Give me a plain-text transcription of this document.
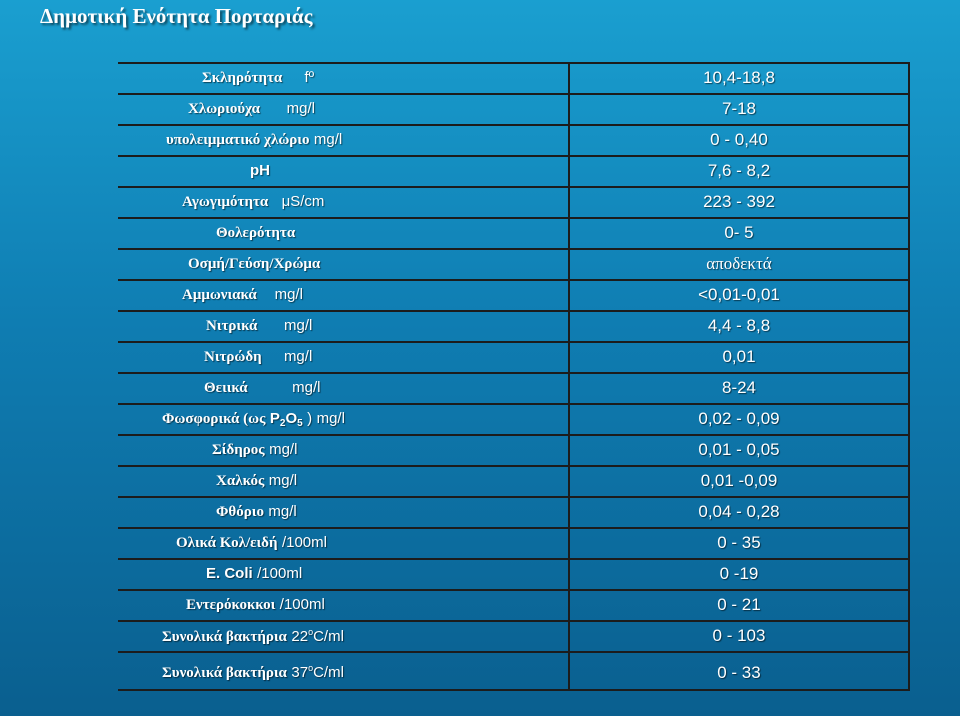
Δημοτική Ενότητα Πορταριάς
Σκληρότητα fº	10,4-18,8
Χλωριούχα mg/l	7-18
υπολειμματικό χλώριο mg/l	0 - 0,40
pH	7,6 - 8,2
Αγωγιμότητα μS/cm	223 - 392
Θολερότητα	0- 5
Οσμή/Γεύση/Χρώμα	αποδεκτά
Αμμωνιακά mg/l	<0,01-0,01
Νιτρικά mg/l	4,4 - 8,8
Νιτρώδη mg/l	0,01
Θειικά	mg/l	8-24
Φωσφορικά (ως $P_2O_5$ ) mg/l	0,02 - 0,09
Σίδηρος mg/l	0,01 - 0,05
Χαλκός mg/l	0,01 -0,09
Φθόριο mg/l	0,04 - 0,28
Ολικά Κολ/ειδή /100ml	0 - 35
E. Coli /100ml	0 -19
Εντερόκοκκοι /100ml	0 - 21
Συνολικά βακτήρια 22$^o$C/ml	0 - 103
Συνολικά βακτήρια 37$^o$C/ml	0 - 33
